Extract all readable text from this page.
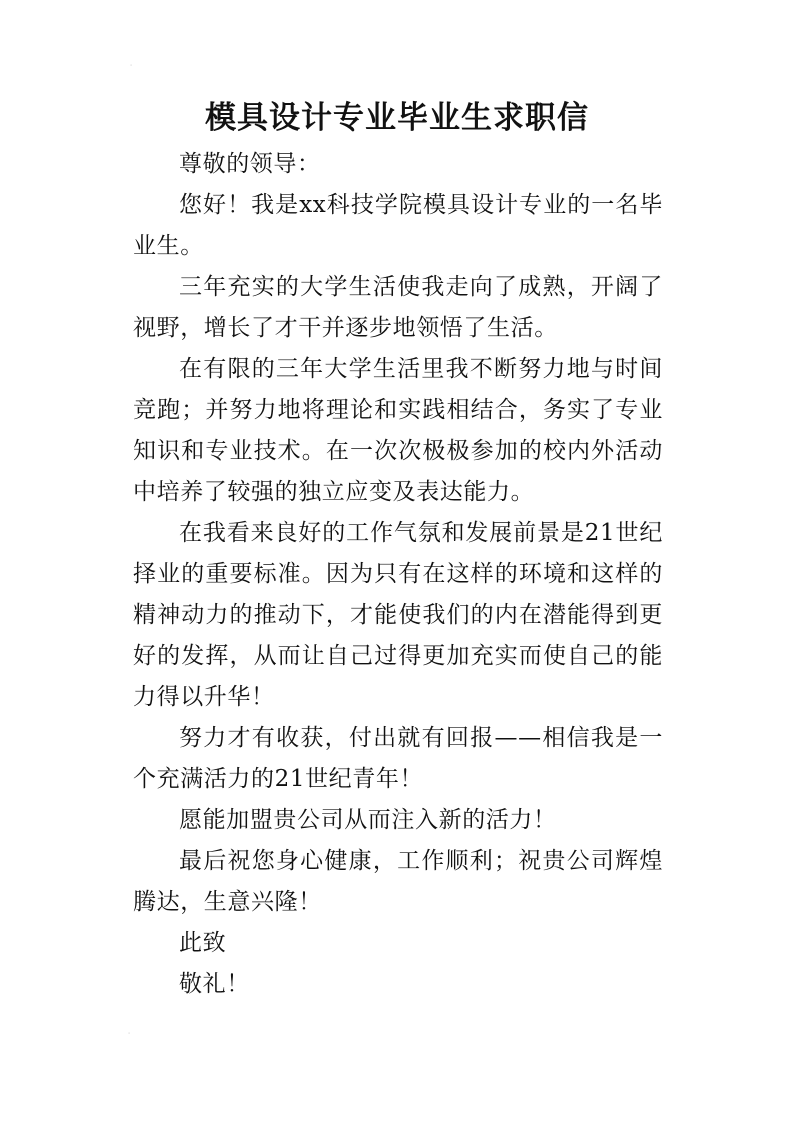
⸱
模具设计专业毕业生求职信

尊敬的领导：

您好！我是xx科技学院模具设计专业的一名毕业生。

三年充实的大学生活使我走向了成熟，开阔了视野，增长了才干并逐步地领悟了生活。

在有限的三年大学生活里我不断努力地与时间竞跑；并努力地将理论和实践相结合，务实了专业知识和专业技术。在一次次极极参加的校内外活动中培养了较强的独立应变及表达能力。

在我看来良好的工作气氛和发展前景是21世纪择业的重要标准。因为只有在这样的环境和这样的精神动力的推动下，才能使我们的内在潜能得到更好的发挥，从而让自己过得更加充实而使自己的能力得以升华！

努力才有收获，付出就有回报——相信我是一个充满活力的21世纪青年！

愿能加盟贵公司从而注入新的活力！

最后祝您身心健康，工作顺利；祝贵公司辉煌腾达，生意兴隆！

此致

敬礼！

⸱
